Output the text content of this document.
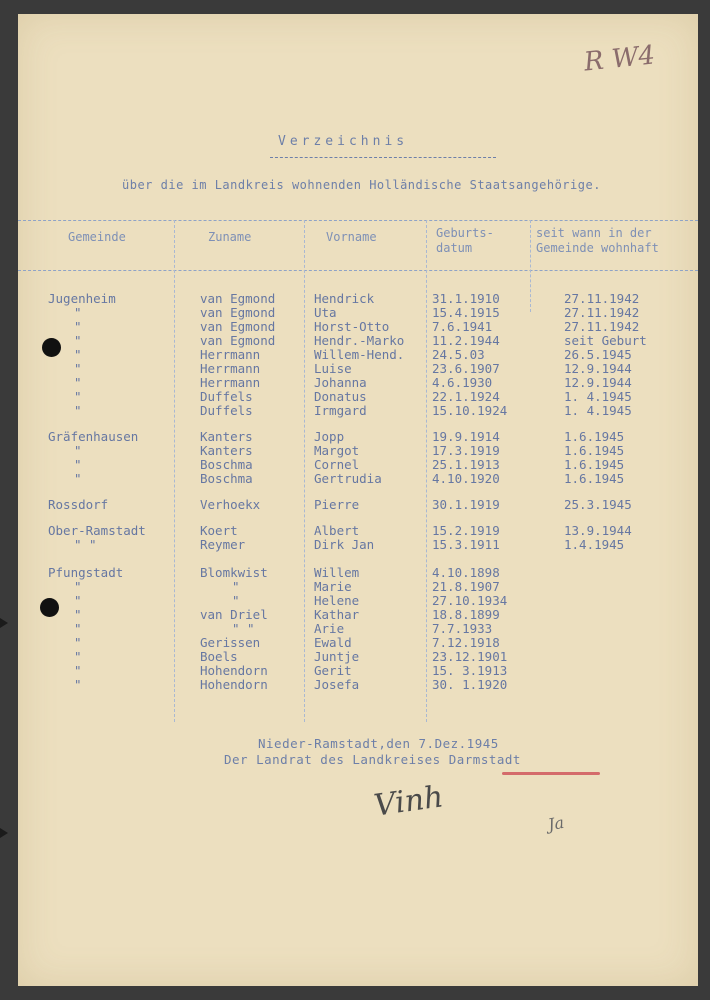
R W4
Verzeichnis
über die im Landkreis wohnenden Holländische Staatsangehörige.
Gemeinde	Zuname	Vorname	Geburts-
datum
seit wann in der
Gemeinde wohnhaft
Jugenheim	van Egmond	Hendrick	31.1.1910	27.11.1942
"	van Egmond	Uta	15.4.1915	27.11.1942
"	van Egmond	Horst-Otto	7.6.1941	27.11.1942
"	van Egmond	Hendr.-Marko 11.2.1944	seit Geburt
"	Herrmann	Willem-Hend. 24.5.03	26.5.1945
"	Herrmann	Luise	23.6.1907	12.9.1944
"	Herrmann	Johanna	4.6.1930	12.9.1944
"	Duffels	Donatus	22.1.1924	1. 4.1945
"	Duffels	Irmgard	15.10.1924	1. 4.1945
Gräfenhausen	Kanters	Jopp	19.9.1914	1.6.1945
"	Kanters	Margot	17.3.1919	1.6.1945
"	Boschma	Cornel	25.1.1913	1.6.1945
"	Boschma	Gertrudia	4.10.1920	1.6.1945
Rossdorf	Verhoekx	Pierre	30.1.1919	25.3.1945
Ober-Ramstadt	Koert	Albert	15.2.1919	13.9.1944
" "	Reymer	Dirk Jan	15.3.1911	1.4.1945
Pfungstadt	Blomkwist	Willem	4.10.1898
"	"	Marie	21.8.1907
"	"	Helene	27.10.1934
"	van Driel	Kathar	18.8.1899
"	" "	Arie	7.7.1933
"	Gerissen	Ewald	7.12.1918
"	Boels	Juntje	23.12.1901
"	Hohendorn	Gerit	15. 3.1913
"	Hohendorn	Josefa	30. 1.1920
Nieder-Ramstadt,den 7.Dez.1945
Der Landrat des Landkreises Darmstadt
Vinh	Ja
